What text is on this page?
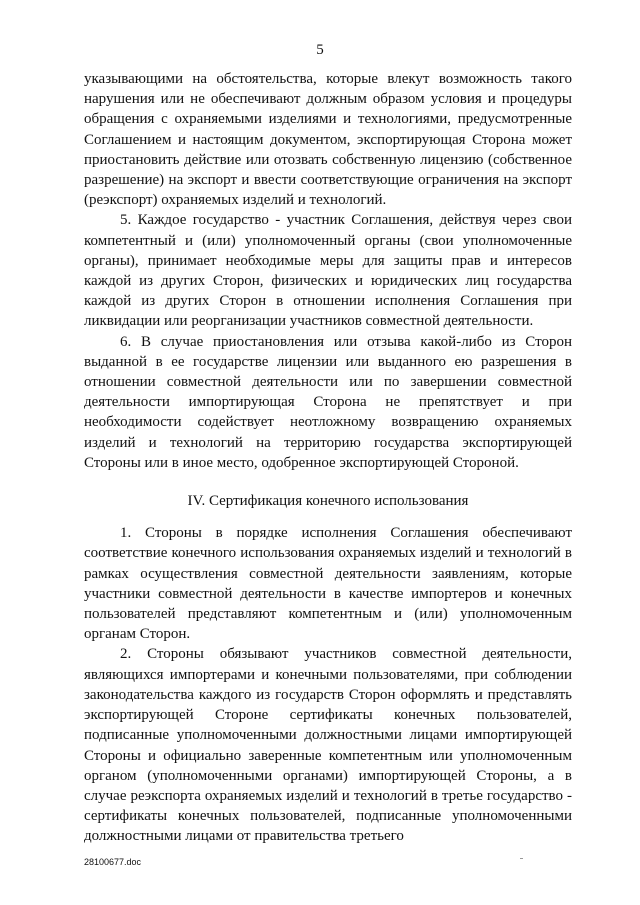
5

указывающими на обстоятельства, которые влекут возможность такого нарушения или не обеспечивают должным образом условия и процедуры обращения с охраняемыми изделиями и технологиями, предусмотренные Соглашением и настоящим документом, экспортирующая Сторона может приостановить действие или отозвать собственную лицензию (собственное разрешение) на экспорт и ввести соответствующие ограничения на экспорт (реэкспорт) охраняемых изделий и технологий.

5. Каждое государство - участник Соглашения, действуя через свои компетентный и (или) уполномоченный органы (свои уполномоченные органы), принимает необходимые меры для защиты прав и интересов каждой из других Сторон, физических и юридических лиц государства каждой из других Сторон в отношении исполнения Соглашения при ликвидации или реорганизации участников совместной деятельности.

6. В случае приостановления или отзыва какой-либо из Сторон выданной в ее государстве лицензии или выданного ею разрешения в отношении совместной деятельности или по завершении совместной деятельности импортирующая Сторона не препятствует и при необходимости содействует неотложному возвращению охраняемых изделий и технологий на территорию государства экспортирующей Стороны или в иное место, одобренное экспортирующей Стороной.

IV. Сертификация конечного использования

1. Стороны в порядке исполнения Соглашения обеспечивают соответствие конечного использования охраняемых изделий и технологий в рамках осуществления совместной деятельности заявлениям, которые участники совместной деятельности в качестве импортеров и конечных пользователей представляют компетентным и (или) уполномоченным органам Сторон.

2. Стороны обязывают участников совместной деятельности, являющихся импортерами и конечными пользователями, при соблюдении законодательства каждого из государств Сторон оформлять и представлять экспортирующей Стороне сертификаты конечных пользователей, подписанные уполномоченными должностными лицами импортирующей Стороны и официально заверенные компетентным или уполномоченным органом (уполномоченными органами) импортирующей Стороны, а в случае реэкспорта охраняемых изделий и технологий в третье государство - сертификаты конечных пользователей, подписанные уполномоченными должностными лицами от правительства третьего

28100677.doc
